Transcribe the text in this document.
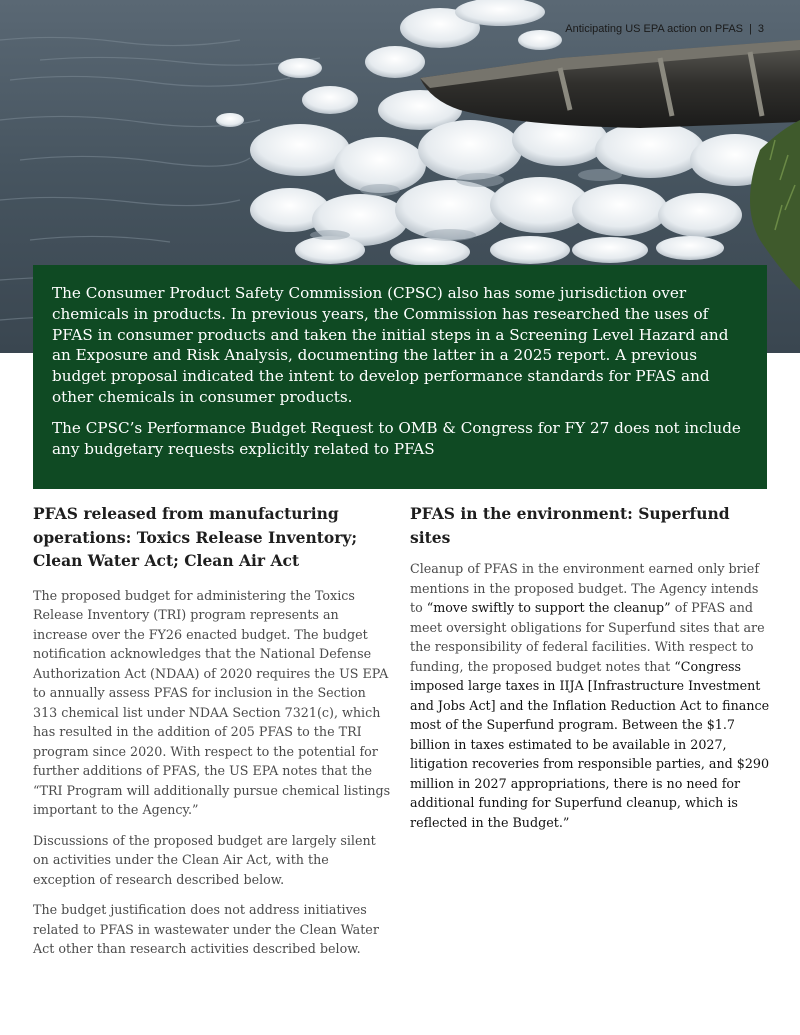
Anticipating US EPA action on PFAS | 3

The Consumer Product Safety Commission (CPSC) also has some jurisdiction over chemicals in products. In previous years, the Commission has researched the uses of PFAS in consumer products and taken the initial steps in a Screening Level Hazard and an Exposure and Risk Analysis, documenting the latter in a 2025 report. A previous budget proposal indicated the intent to develop performance standards for PFAS and other chemicals in consumer products.

The CPSC’s Performance Budget Request to OMB & Congress for FY 27 does not include any budgetary requests explicitly related to PFAS

PFAS released from manufacturing operations: Toxics Release Inventory; Clean Water Act; Clean Air Act

The proposed budget for administering the Toxics Release Inventory (TRI) program represents an increase over the FY26 enacted budget. The budget notification acknowledges that the National Defense Authorization Act (NDAA) of 2020 requires the US EPA to annually assess PFAS for inclusion in the Section 313 chemical list under NDAA Section 7321(c), which has resulted in the addition of 205 PFAS to the TRI program since 2020. With respect to the potential for further additions of PFAS, the US EPA notes that the “TRI Program will additionally pursue chemical listings important to the Agency.”

Discussions of the proposed budget are largely silent on activities under the Clean Air Act, with the exception of research described below.

The budget justification does not address initiatives related to PFAS in wastewater under the Clean Water Act other than research activities described below.

PFAS in the environment: Superfund sites

Cleanup of PFAS in the environment earned only brief mentions in the proposed budget. The Agency intends to “move swiftly to support the cleanup” of PFAS and meet oversight obligations for Superfund sites that are the responsibility of federal facilities. With respect to funding, the proposed budget notes that “Congress imposed large taxes in IIJA [Infrastructure Investment and Jobs Act] and the Inflation Reduction Act to finance most of the Superfund program. Between the $1.7 billion in taxes estimated to be available in 2027, litigation recoveries from responsible parties, and $290 million in 2027 appropriations, there is no need for additional funding for Superfund cleanup, which is reflected in the Budget.”
